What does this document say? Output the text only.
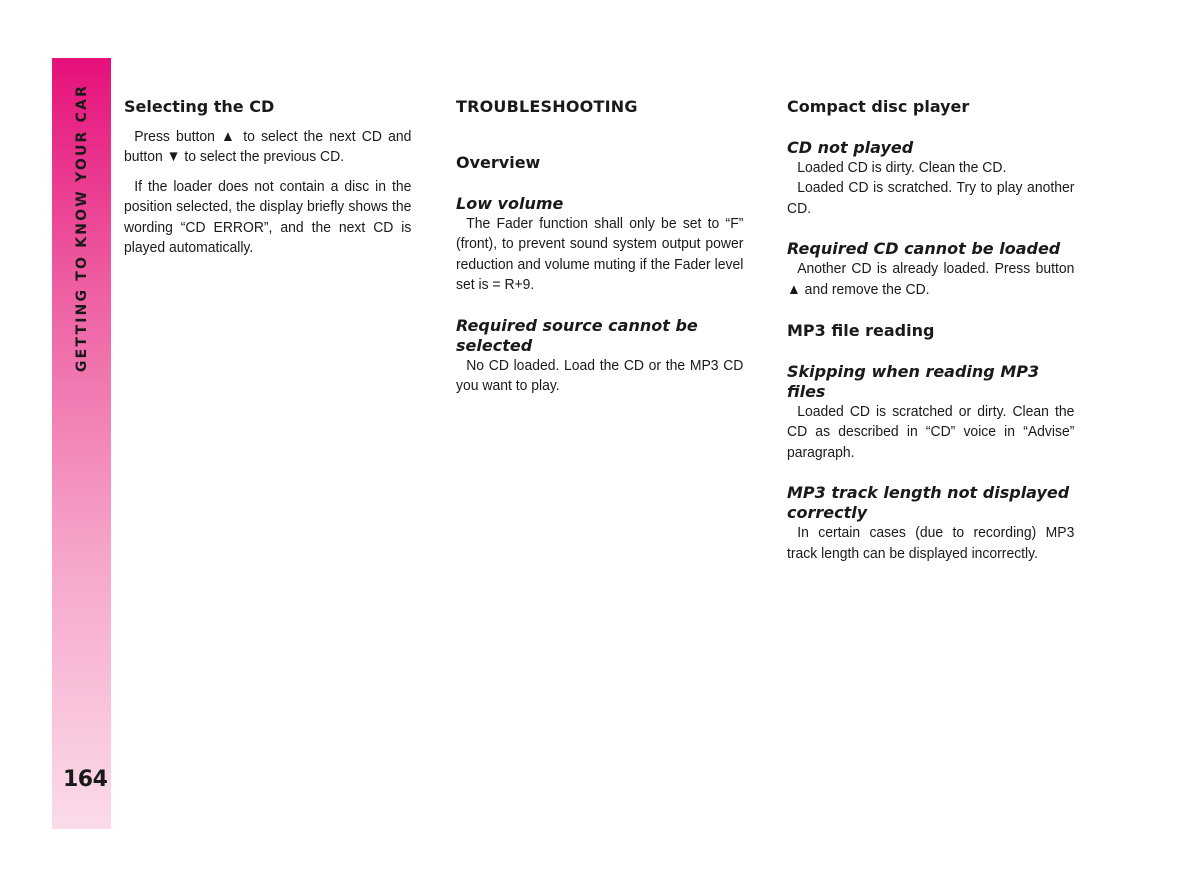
GETTING TO KNOW YOUR CAR
164
Selecting the CD

Press button ▲ to select the next CD and button ▼ to select the previous CD.

If the loader does not contain a disc in the position selected, the display briefly shows the wording “CD ERROR”, and the next CD is played automatically.

TROUBLESHOOTING
Overview
Low volume

The Fader function shall only be set to “F” (front), to prevent sound system output power reduction and volume muting if the Fader level set is = R+9.

Required source cannot be selected

No CD loaded. Load the CD or the MP3 CD you want to play.

Compact disc player
CD not played

Loaded CD is dirty. Clean the CD.

Loaded CD is scratched. Try to play another CD.

Required CD cannot be loaded

Another CD is already loaded. Press button ▲ and remove the CD.

MP3 file reading
Skipping when reading MP3 files

Loaded CD is scratched or dirty. Clean the CD as described in “CD” voice in “Advise” paragraph.

MP3 track length not displayed correctly

In certain cases (due to recording) MP3 track length can be displayed incorrectly.
